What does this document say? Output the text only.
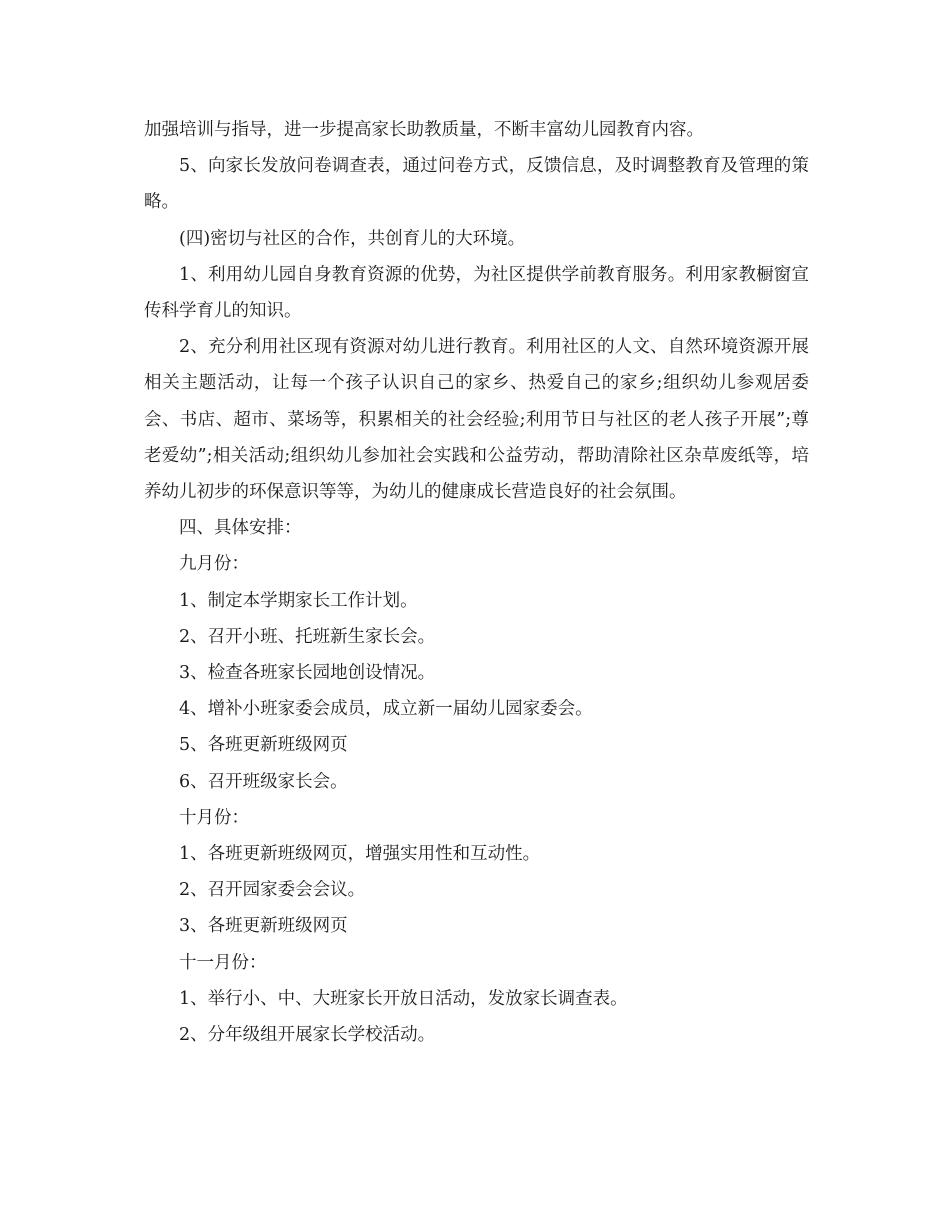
加强培训与指导，进一步提高家长助教质量，不断丰富幼儿园教育内容。

5、向家长发放问卷调查表，通过问卷方式，反馈信息，及时调整教育及管理的策略。

(四)密切与社区的合作，共创育儿的大环境。

1、利用幼儿园自身教育资源的优势，为社区提供学前教育服务。利用家教橱窗宣传科学育儿的知识。

2、充分利用社区现有资源对幼儿进行教育。利用社区的人文、自然环境资源开展相关主题活动，让每一个孩子认识自己的家乡、热爱自己的家乡;组织幼儿参观居委会、书店、超市、菜场等，积累相关的社会经验;利用节日与社区的老人孩子开展”;尊老爱幼”;相关活动;组织幼儿参加社会实践和公益劳动，帮助清除社区杂草废纸等，培养幼儿初步的环保意识等等，为幼儿的健康成长营造良好的社会氛围。

四、具体安排：

九月份：

1、制定本学期家长工作计划。

2、召开小班、托班新生家长会。

3、检查各班家长园地创设情况。

4、增补小班家委会成员，成立新一届幼儿园家委会。

5、各班更新班级网页

6、召开班级家长会。

十月份：

1、各班更新班级网页，增强实用性和互动性。

2、召开园家委会会议。

3、各班更新班级网页

十一月份：

1、举行小、中、大班家长开放日活动，发放家长调查表。

2、分年级组开展家长学校活动。
